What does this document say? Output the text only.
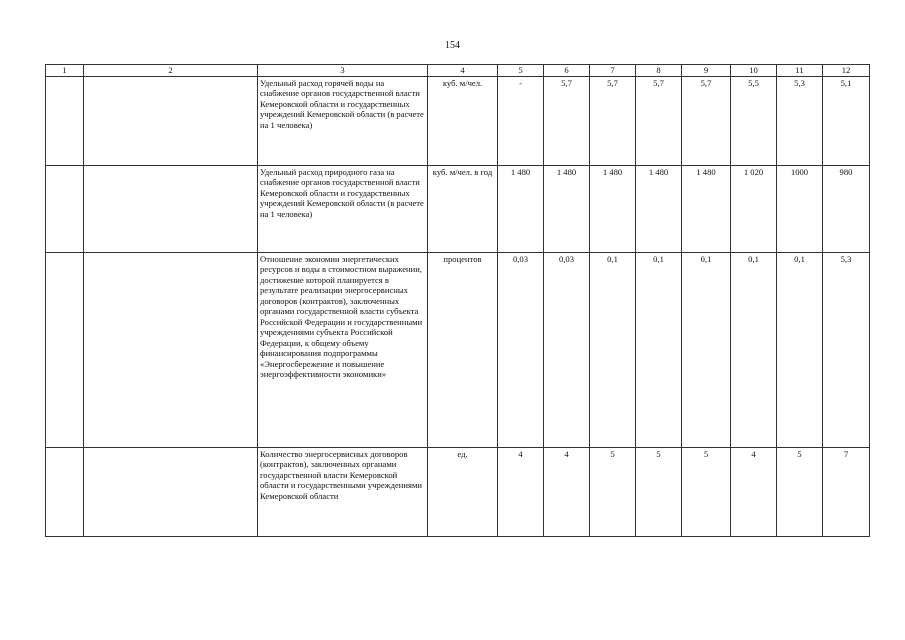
154
1	2	3	4	5	6	7	8	9	10	11	12
		Удельный расход горячей воды на снабжение органов государственной власти Кемеровской области и государственных учреждений Кемеровской области (в расчете на 1 человека)	куб. м/чел.	-	5,7	5,7	5,7	5,7	5,5	5,3	5,1
		Удельный расход природного газа на снабжение органов государственной власти Кемеровской области и государственных учреждений Кемеровской области (в расчете на 1 человека)	куб. м/чел. в год	1 480	1 480	1 480	1 480	1 480	1 020	1000	980
		Отношение экономии энергетических ресурсов и воды в стоимостном выражении, достижение которой планируется в результате реализации энергосервисных договоров (контрактов), заключенных органами государственной власти субъекта Российской Федерации и государственными учреждениями субъекта Российской Федерации, к общему объему финансирования подпрограммы «Энергосбережение и повышение энергоэффективности экономики»	процентов	0,03	0,03	0,1	0,1	0,1	0,1	0,1	5,3
		Количество энергосервисных договоров (контрактов), заключенных органами государственной власти Кемеровской области и государственными учреждениями Кемеровской области	ед.	4	4	5	5	5	4	5	7
